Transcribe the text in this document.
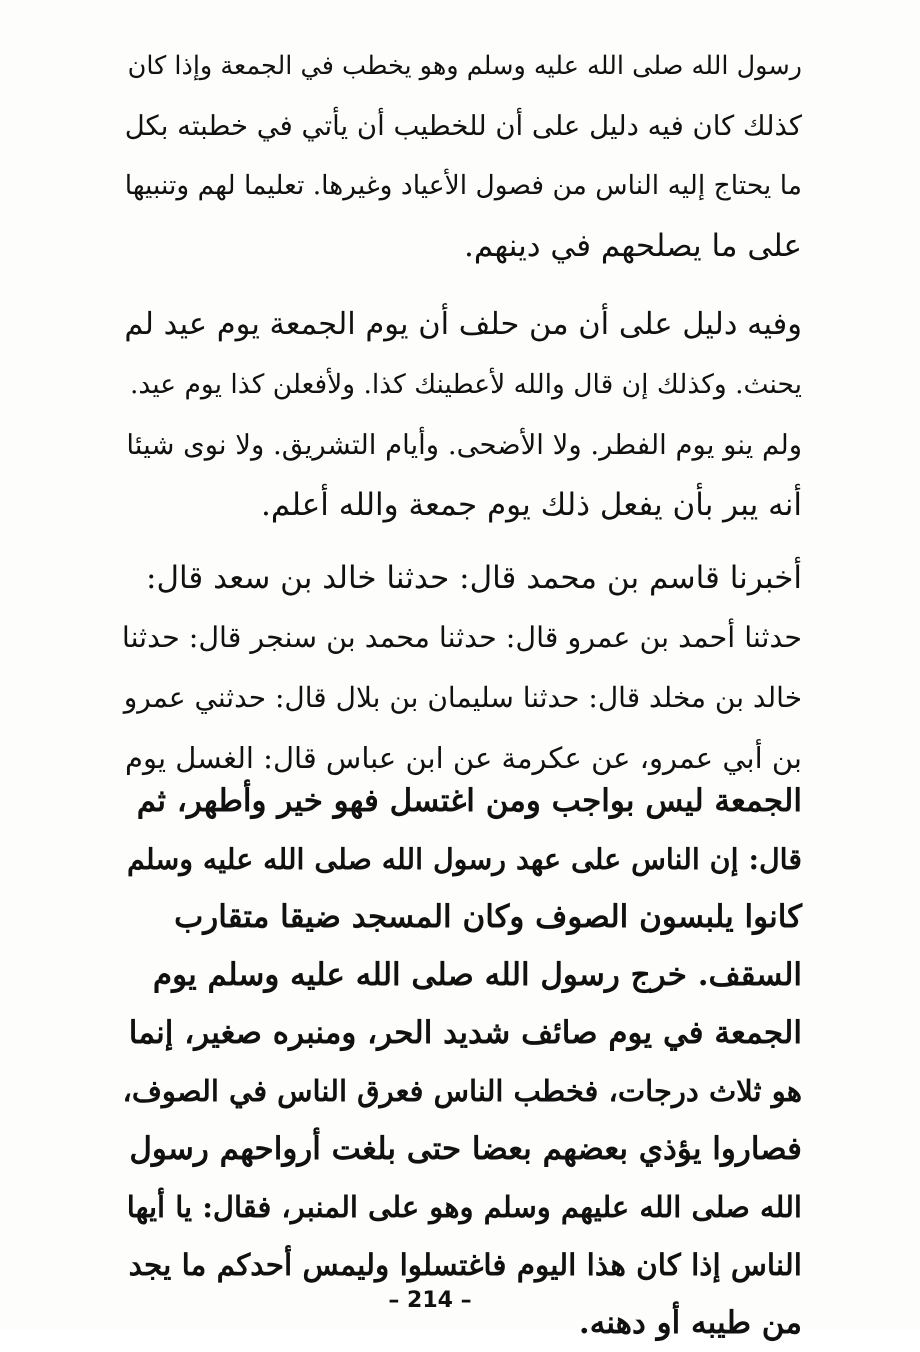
رسول الله صلى الله عليه وسلم وهو يخطب في الجمعة وإذا كان
كذلك كان فيه دليل على أن للخطيب أن يأتي في خطبته بكل
ما يحتاج إليه الناس من فصول الأعياد وغيرها. تعليما لهم وتنبيها
على ما يصلحهم في دينهم.

وفيه دليل على أن من حلف أن يوم الجمعة يوم عيد لم
يحنث. وكذلك إن قال والله لأعطينك كذا. ولأفعلن كذا يوم عيد.
ولم ينو يوم الفطر. ولا الأضحى. وأيام التشريق. ولا نوى شيئا
أنه يبر بأن يفعل ذلك يوم جمعة والله أعلم.

أخبرنا قاسم بن محمد قال: حدثنا خالد بن سعد قال:
حدثنا أحمد بن عمرو قال: حدثنا محمد بن سنجر قال: حدثنا
خالد بن مخلد قال: حدثنا سليمان بن بلال قال: حدثني عمرو
بن أبي عمرو، عن عكرمة عن ابن عباس قال: الغسل يوم

الجمعة ليس بواجب ومن اغتسل فهو خير وأطهر، ثم
قال: إن الناس على عهد رسول الله صلى الله عليه وسلم
كانوا يلبسون الصوف وكان المسجد ضيقا متقارب
السقف. خرج رسول الله صلى الله عليه وسلم يوم
الجمعة في يوم صائف شديد الحر، ومنبره صغير، إنما
هو ثلاث درجات، فخطب الناس فعرق الناس في الصوف،
فصاروا يؤذي بعضهم بعضا حتى بلغت أرواحهم رسول
الله صلى الله عليهم وسلم وهو على المنبر، فقال: يا أيها
الناس إذا كان هذا اليوم فاغتسلوا وليمس أحدكم ما يجد
من طيبه أو دهنه.

– 214 –
